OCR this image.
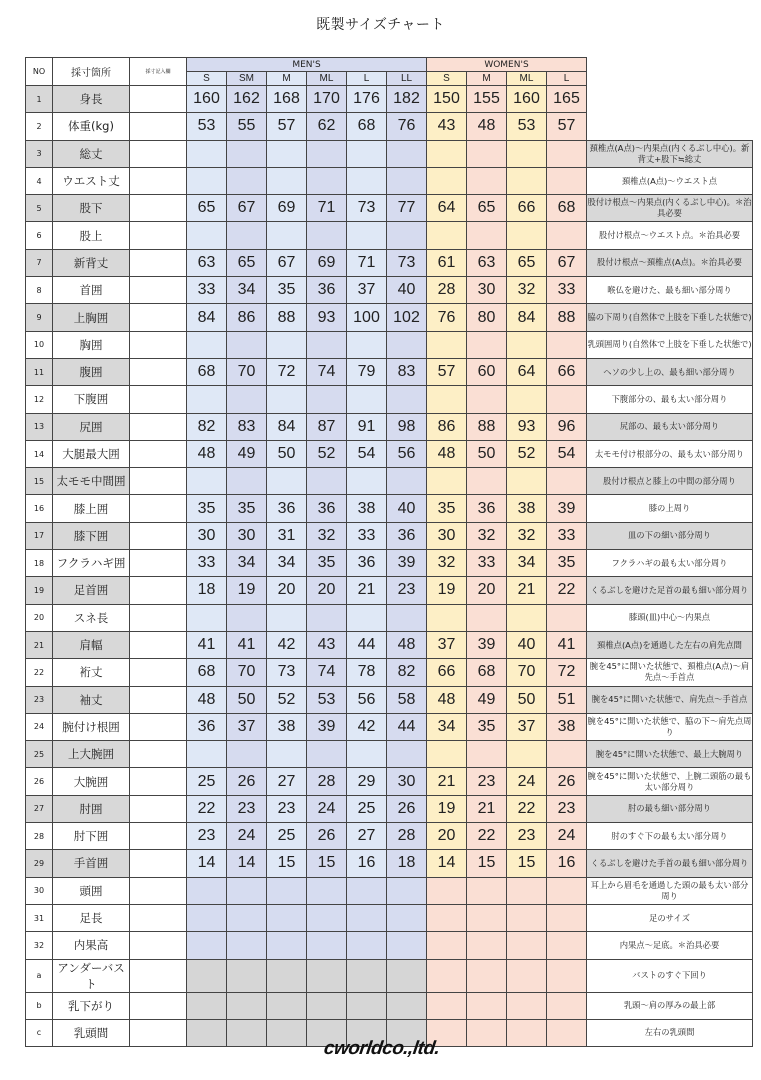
既製サイズチャート
NO	採寸箇所	採寸記入欄	MEN'S						WOMEN'S				
			S	SM	M	ML	L	LL	S	M	ML	L	
1	身長		160	162	168	170	176	182	150	155	160	165	
2	体重(kg)		53	55	57	62	68	76	43	48	53	57	
3	総丈												頚椎点(A点)〜内果点(内くるぶし中心)。新背丈+股下≒総丈
4	ウエスト丈												頚椎点(A点)〜ウエスト点
5	股下		65	67	69	71	73	77	64	65	66	68	股付け根点〜内果点(内くるぶし中心)。＊治具必要
6	股上												股付け根点〜ウエスト点。＊治具必要
7	新背丈		63	65	67	69	71	73	61	63	65	67	股付け根点〜頚椎点(A点)。＊治具必要
8	首囲		33	34	35	36	37	40	28	30	32	33	喉仏を避けた、最も細い部分周り
9	上胸囲		84	86	88	93	100	102	76	80	84	88	脇の下周り(自然体で上肢を下垂した状態で)
10	胸囲												乳頭囲周り(自然体で上肢を下垂した状態で)
11	腹囲		68	70	72	74	79	83	57	60	64	66	ヘソの少し上の、最も細い部分周り
12	下腹囲												下腹部分の、最も太い部分周り
13	尻囲		82	83	84	87	91	98	86	88	93	96	尻部の、最も太い部分周り
14	大腿最大囲		48	49	50	52	54	56	48	50	52	54	太モモ付け根部分の、最も太い部分周り
15	太モモ中間囲												股付け根点と膝上の中間の部分周り
16	膝上囲		35	35	36	36	38	40	35	36	38	39	膝の上周り
17	膝下囲		30	30	31	32	33	36	30	32	32	33	皿の下の細い部分周り
18	フクラハギ囲		33	34	34	35	36	39	32	33	34	35	フクラハギの最も太い部分周り
19	足首囲		18	19	20	20	21	23	19	20	21	22	くるぶしを避けた足首の最も細い部分周り
20	スネ長												膝頭(皿)中心〜内果点
21	肩幅		41	41	42	43	44	48	37	39	40	41	頚椎点(A点)を通過した左右の肩先点間
22	裄丈		68	70	73	74	78	82	66	68	70	72	腕を45°に開いた状態で、頚椎点(A点)〜肩先点〜手首点
23	袖丈		48	50	52	53	56	58	48	49	50	51	腕を45°に開いた状態で、肩先点〜手首点
24	腕付け根囲		36	37	38	39	42	44	34	35	37	38	腕を45°に開いた状態で、脇の下〜肩先点周り
25	上大腕囲												腕を45°に開いた状態で、最上大腕周り
26	大腕囲		25	26	27	28	29	30	21	23	24	26	腕を45°に開いた状態で、上腕二頭筋の最も太い部分周り
27	肘囲		22	23	23	24	25	26	19	21	22	23	肘の最も細い部分周り
28	肘下囲		23	24	25	26	27	28	20	22	23	24	肘のすぐ下の最も太い部分周り
29	手首囲		14	14	15	15	16	18	14	15	15	16	くるぶしを避けた手首の最も細い部分周り
30	頭囲												耳上から眉毛を通過した頭の最も太い部分周り
31	足長												足のサイズ
32	内果高												内果点〜足底。＊治具必要
a	アンダーバスト												バストのすぐ下回り
b	乳下がり												乳頭〜肩の厚みの最上部
c	乳頭間												左右の乳頭間
cworldco.,ltd.
